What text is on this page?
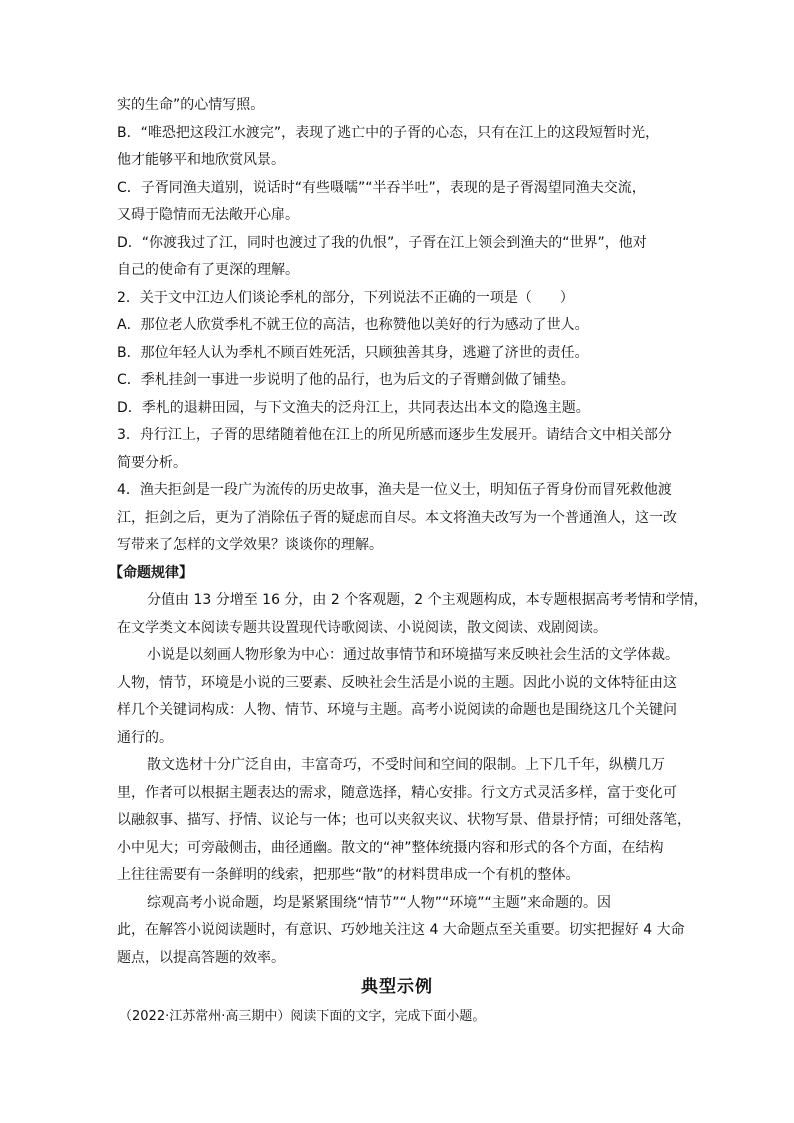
实的生命”的心情写照。
B．“唯恐把这段江水渡完”，表现了逃亡中的子胥的心态，只有在江上的这段短暂时光，
他才能够平和地欣赏风景。
C．子胥同渔夫道别，说话时“有些嗫嚅”“半吞半吐”，表现的是子胥渴望同渔夫交流，
又碍于隐情而无法敞开心扉。
D．“你渡我过了江，同时也渡过了我的仇恨”，子胥在江上领会到渔夫的“世界”，他对
自己的使命有了更深的理解。
2．关于文中江边人们谈论季札的部分，下列说法不正确的一项是（　　）
A．那位老人欣赏季札不就王位的高洁，也称赞他以美好的行为感动了世人。
B．那位年轻人认为季札不顾百姓死活，只顾独善其身，逃避了济世的责任。
C．季札挂剑一事进一步说明了他的品行，也为后文的子胥赠剑做了铺垫。
D．季札的退耕田园，与下文渔夫的泛舟江上，共同表达出本文的隐逸主题。
3．舟行江上，子胥的思绪随着他在江上的所见所感而逐步生发展开。请结合文中相关部分
简要分析。
4．渔夫拒剑是一段广为流传的历史故事，渔夫是一位义士，明知伍子胥身份而冒死救他渡
江，拒剑之后，更为了消除伍子胥的疑虑而自尽。本文将渔夫改写为一个普通渔人，这一改
写带来了怎样的文学效果？谈谈你的理解。
【命题规律】
分值由 13 分增至 16 分，由 2 个客观题，2 个主观题构成，本专题根据高考考情和学情，
在文学类文本阅读专题共设置现代诗歌阅读、小说阅读，散文阅读、戏剧阅读。
小说是以刻画人物形象为中心：通过故事情节和环境描写来反映社会生活的文学体裁。
人物，情节，环境是小说的三要素、反映社会生活是小说的主题。因此小说的文体特征由这
样几个关键词构成：人物、情节、环境与主题。高考小说阅读的命题也是围绕这几个关键问
通行的。
散文选材十分广泛自由，丰富奇巧，不受时间和空间的限制。上下几千年，纵横几万
里，作者可以根据主题表达的需求，随意选择，精心安排。行文方式灵活多样，富于变化可
以融叙事、描写、抒情、议论与一体；也可以夹叙夹议、状物写景、借景抒情；可细处落笔，
小中见大；可旁敲侧击，曲径通幽。散文的“神”整体统摄内容和形式的各个方面，在结构
上往往需要有一条鲜明的线索，把那些“散”的材料贯串成一个有机的整体。
综观高考小说命题，均是紧紧围绕“情节”“人物”“环境”“主题”来命题的。因
此，在解答小说阅读题时，有意识、巧妙地关注这 4 大命题点至关重要。切实把握好 4 大命
题点，以提高答题的效率。
典型示例
（2022·江苏常州·高三期中）阅读下面的文字，完成下面小题。
